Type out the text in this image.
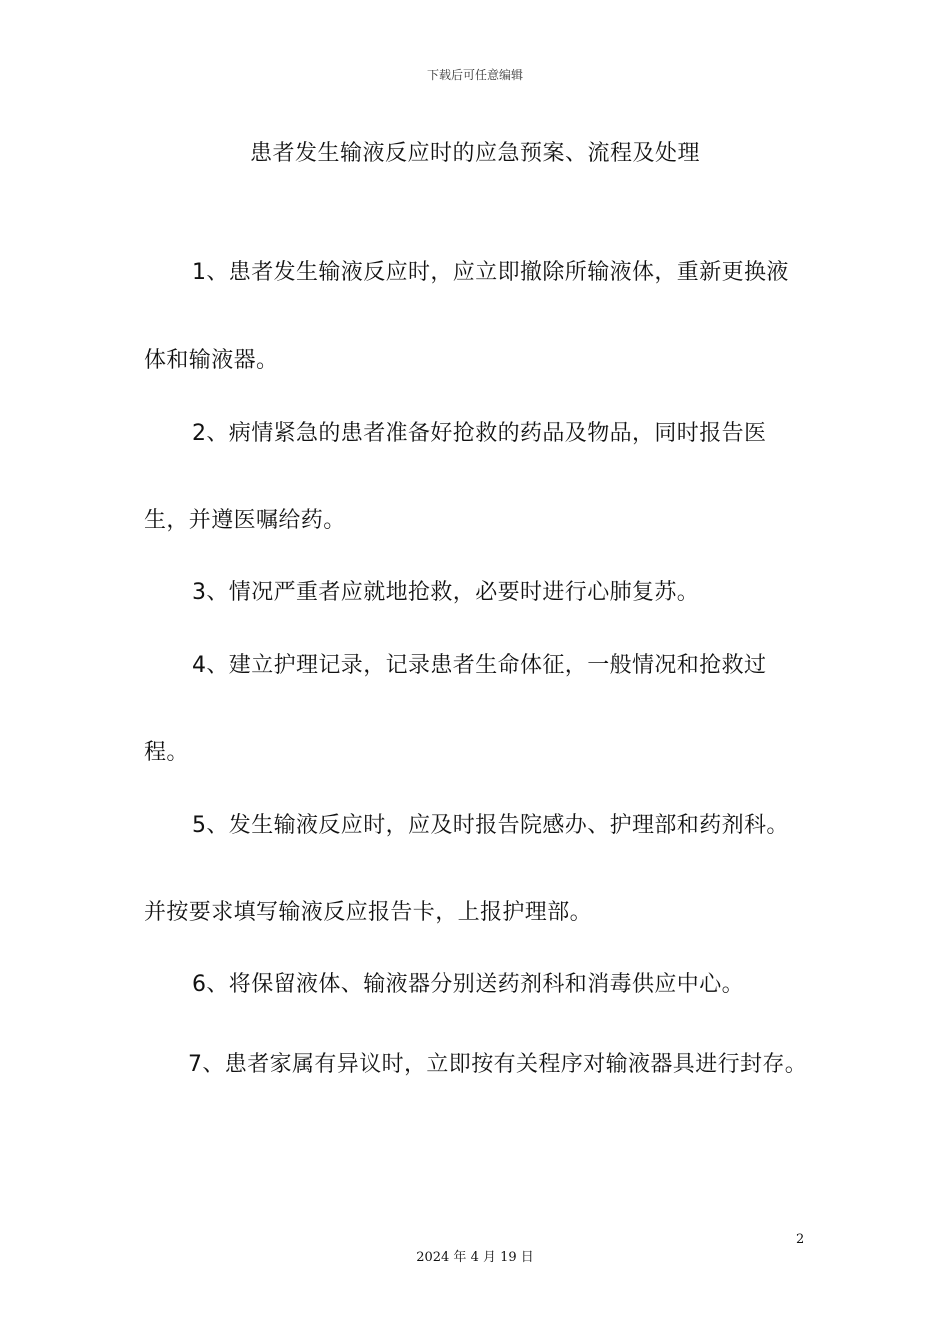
下载后可任意编辑
患者发生输液反应时的应急预案、流程及处理
1、患者发生输液反应时，应立即撤除所输液体，重新更换液
体和输液器。
2、病情紧急的患者准备好抢救的药品及物品，同时报告医
生，并遵医嘱给药。
3、情况严重者应就地抢救，必要时进行心肺复苏。
4、建立护理记录，记录患者生命体征，一般情况和抢救过
程。
5、发生输液反应时，应及时报告院感办、护理部和药剂科。
并按要求填写输液反应报告卡，上报护理部。
6、将保留液体、输液器分别送药剂科和消毒供应中心。
7、患者家属有异议时，立即按有关程序对输液器具进行封存。
2
2024 年 4 月 19 日
